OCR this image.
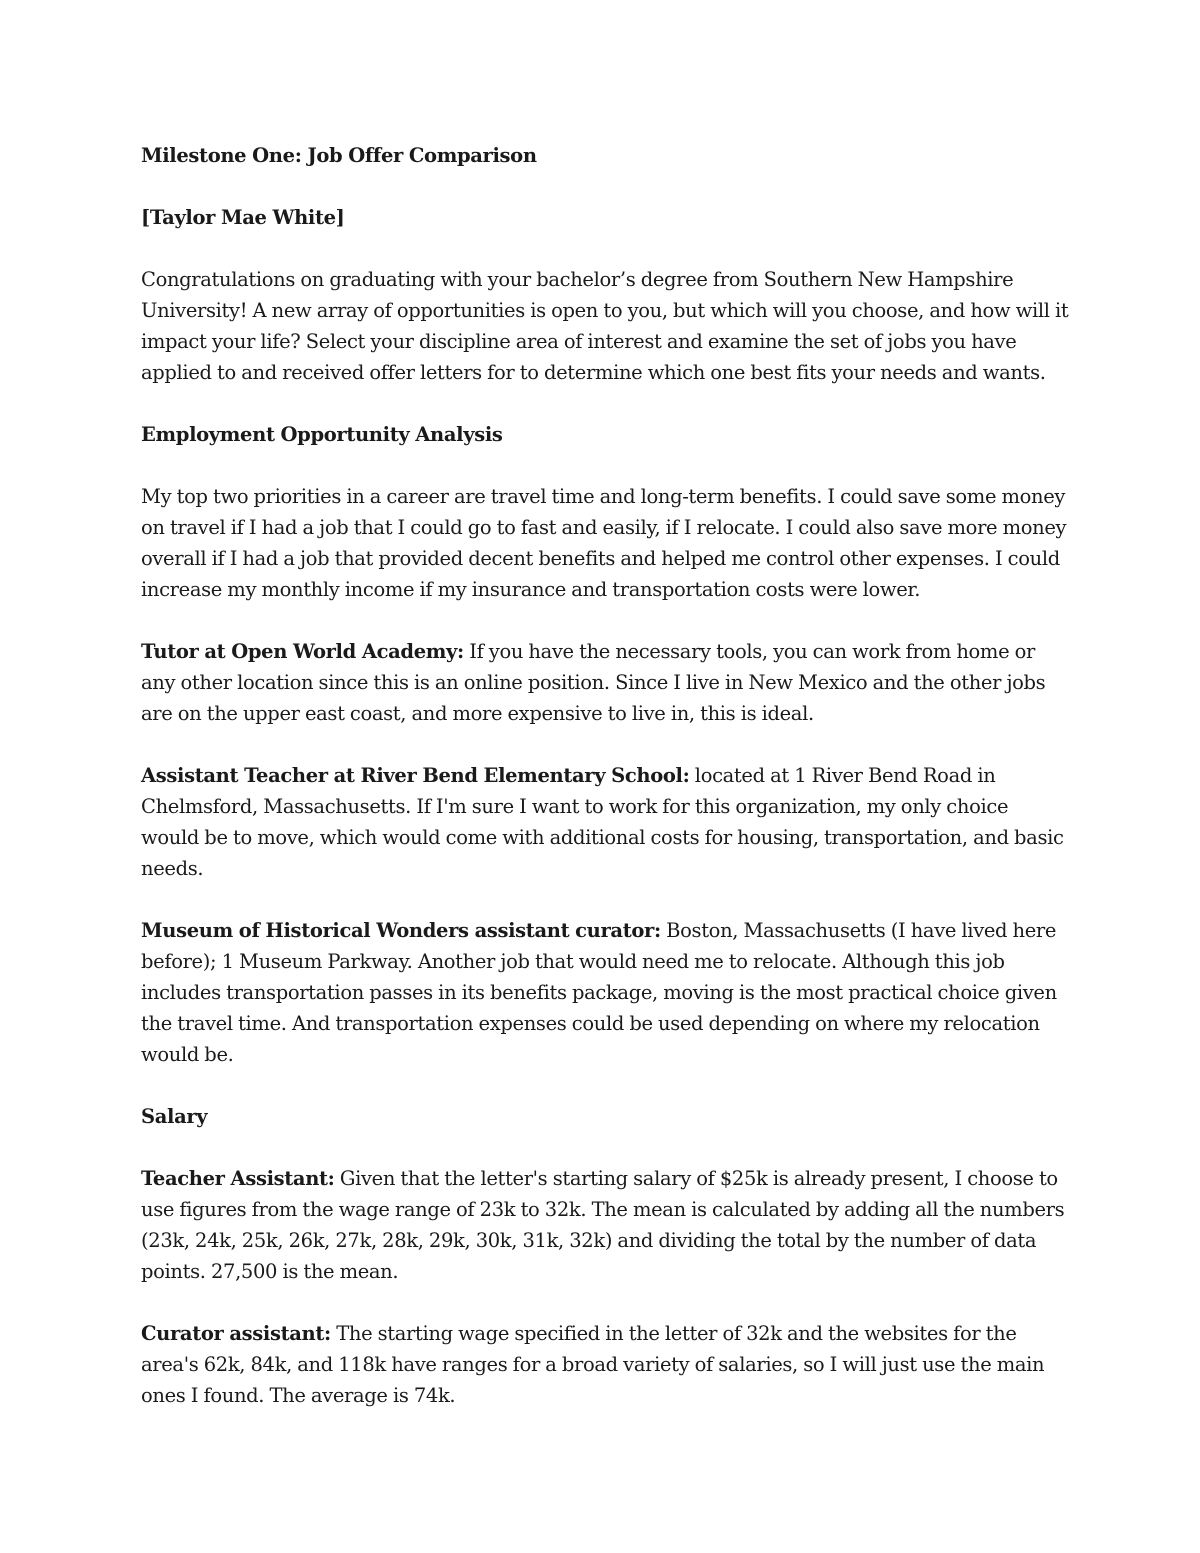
Milestone One: Job Offer Comparison

[Taylor Mae White]

Congratulations on graduating with your bachelor’s degree from Southern New Hampshire University! A new array of opportunities is open to you, but which will you choose, and how will it impact your life? Select your discipline area of interest and examine the set of jobs you have applied to and received offer letters for to determine which one best fits your needs and wants.

Employment Opportunity Analysis

My top two priorities in a career are travel time and long-term benefits. I could save some money on travel if I had a job that I could go to fast and easily, if I relocate. I could also save more money overall if I had a job that provided decent benefits and helped me control other expenses. I could increase my monthly income if my insurance and transportation costs were lower.

Tutor at Open World Academy: If you have the necessary tools, you can work from home or any other location since this is an online position. Since I live in New Mexico and the other jobs are on the upper east coast, and more expensive to live in, this is ideal.

Assistant Teacher at River Bend Elementary School: located at 1 River Bend Road in Chelmsford, Massachusetts. If I'm sure I want to work for this organization, my only choice would be to move, which would come with additional costs for housing, transportation, and basic needs.

Museum of Historical Wonders assistant curator: Boston, Massachusetts (I have lived here before); 1 Museum Parkway. Another job that would need me to relocate. Although this job includes transportation passes in its benefits package, moving is the most practical choice given the travel time. And transportation expenses could be used depending on where my relocation would be.

Salary

Teacher Assistant: Given that the letter's starting salary of $25k is already present, I choose to use figures from the wage range of 23k to 32k. The mean is calculated by adding all the numbers (23k, 24k, 25k, 26k, 27k, 28k, 29k, 30k, 31k, 32k) and dividing the total by the number of data points. 27,500 is the mean.

Curator assistant: The starting wage specified in the letter of 32k and the websites for the area's 62k, 84k, and 118k have ranges for a broad variety of salaries, so I will just use the main ones I found. The average is 74k.
